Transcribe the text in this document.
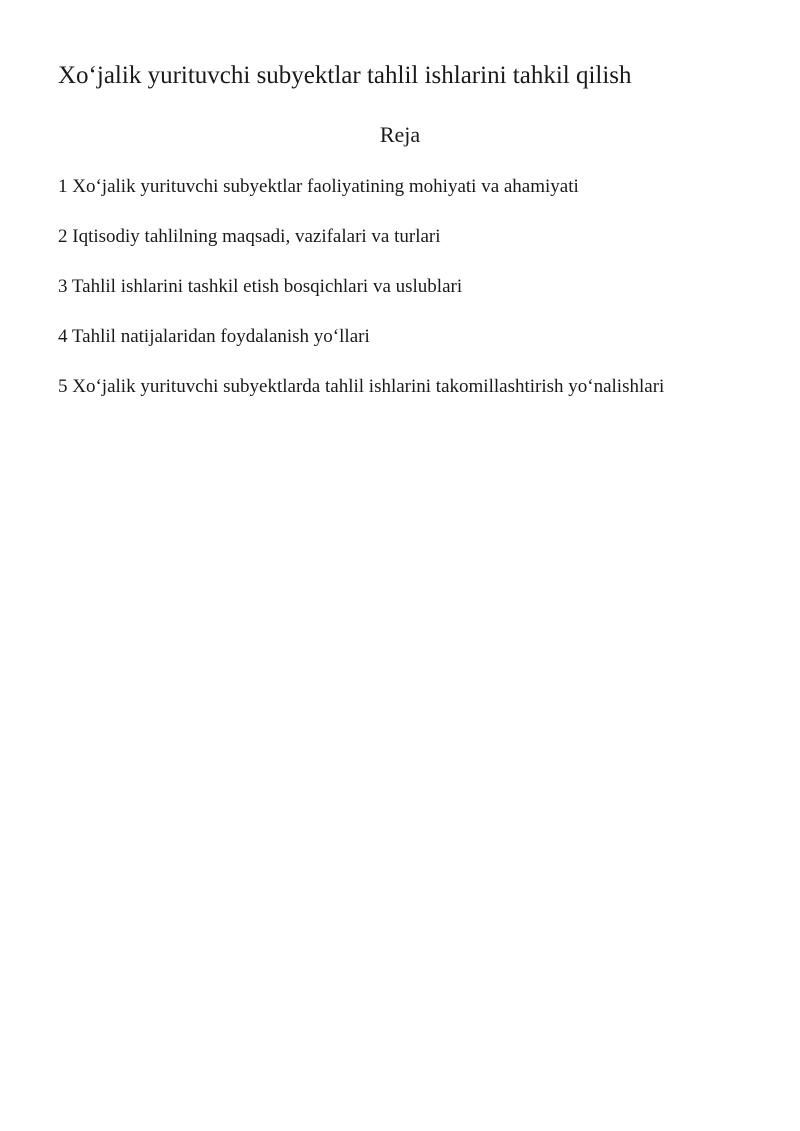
Xo‘jalik yurituvchi subyektlar tahlil ishlarini tahkil qilish
Reja
1 Xo‘jalik yurituvchi subyektlar faoliyatining mohiyati va ahamiyati
2 Iqtisodiy tahlilning maqsadi, vazifalari va turlari
3 Tahlil ishlarini tashkil etish bosqichlari va uslublari
4 Tahlil natijalaridan foydalanish yo‘llari
5 Xo‘jalik yurituvchi subyektlarda tahlil ishlarini takomillashtirish yo‘nalishlari
